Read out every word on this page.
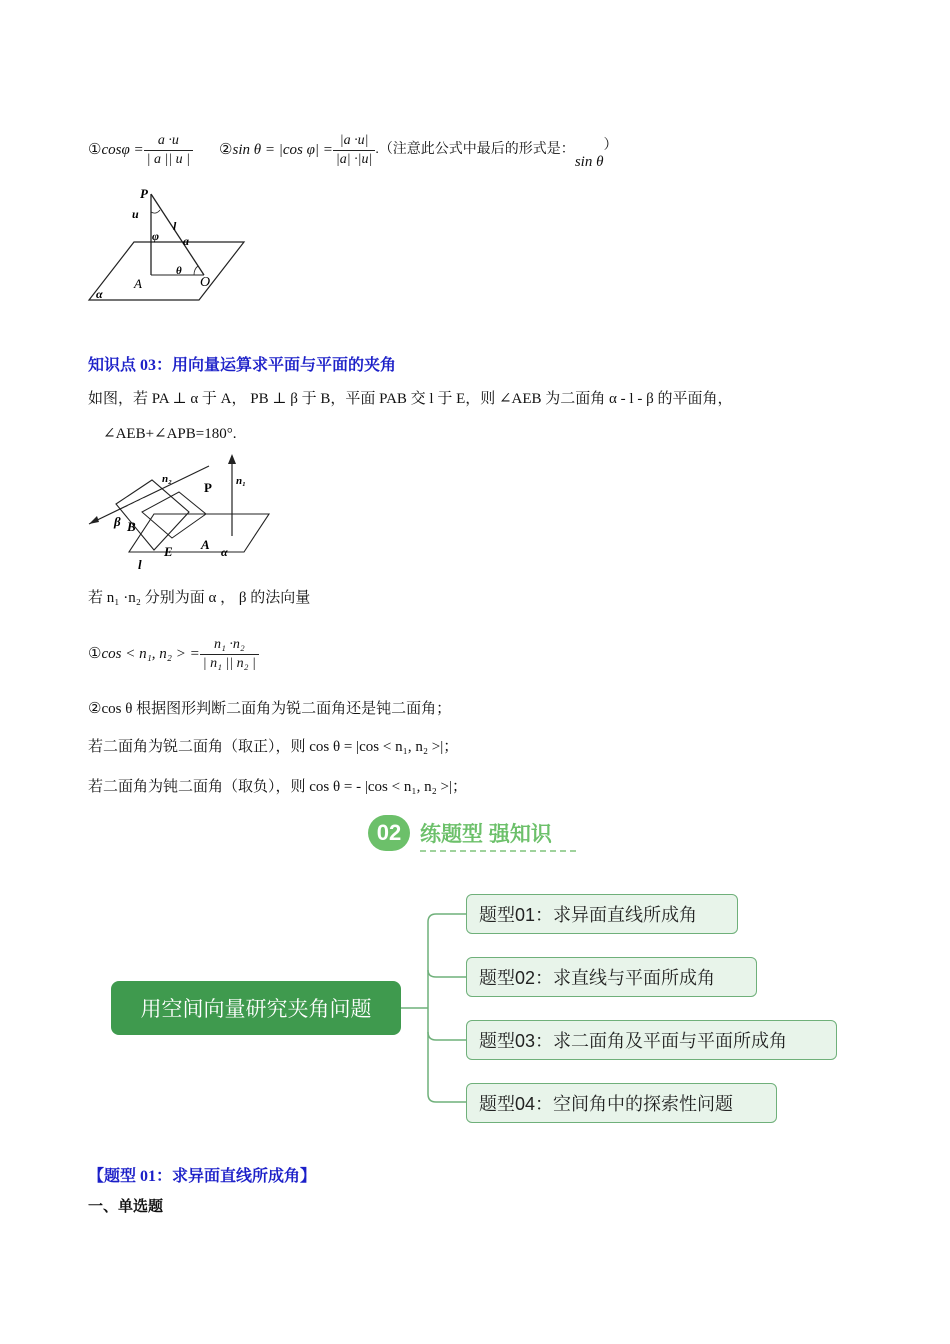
① $\cos\varphi = \frac{a \cdot u}{| a || u |}$ ② sin θ = |cos $\varphi| = \frac{|a \cdot u|}{|a| \cdot|u|}$ .（注意此公式中最后的形式是：
sin θ
）
P
u
φ
l
a
θ
A	O
α
知识点 03：用向量运算求平面与平面的夹角
如图，若 PA ⊥ α 于 A， PB ⊥ β 于 B，平面 PAB 交 l 于 E，则 ∠AEB 为二面角 α - l - β 的平面角，
∠AEB+∠APB=180°.
n₂	n₁
P
β B
E A α
l
若 n₁ ·n₂ 分别为面 α ， β 的法向量
① cos < n₁, n₂ > = $\frac{\text{n₁ ·n₂}}{\text{| n₁ || n₂ |}}$
②cos θ 根据图形判断二面角为锐二面角还是钝二面角；
若二面角为锐二面角（取正），则 cos θ = |cos < n₁, n₂ >|；
若二面角为钝二面角（取负），则 cos θ = - |cos < n₁, n₂ >|；
02 练题型 强知识
用空间向量研究夹角问题
题型01：求异面直线所成角
题型02：求直线与平面所成角
题型03：求二面角及平面与平面所成角
题型04：空间角中的探索性问题
【题型 01：求异面直线所成角】
一、单选题
